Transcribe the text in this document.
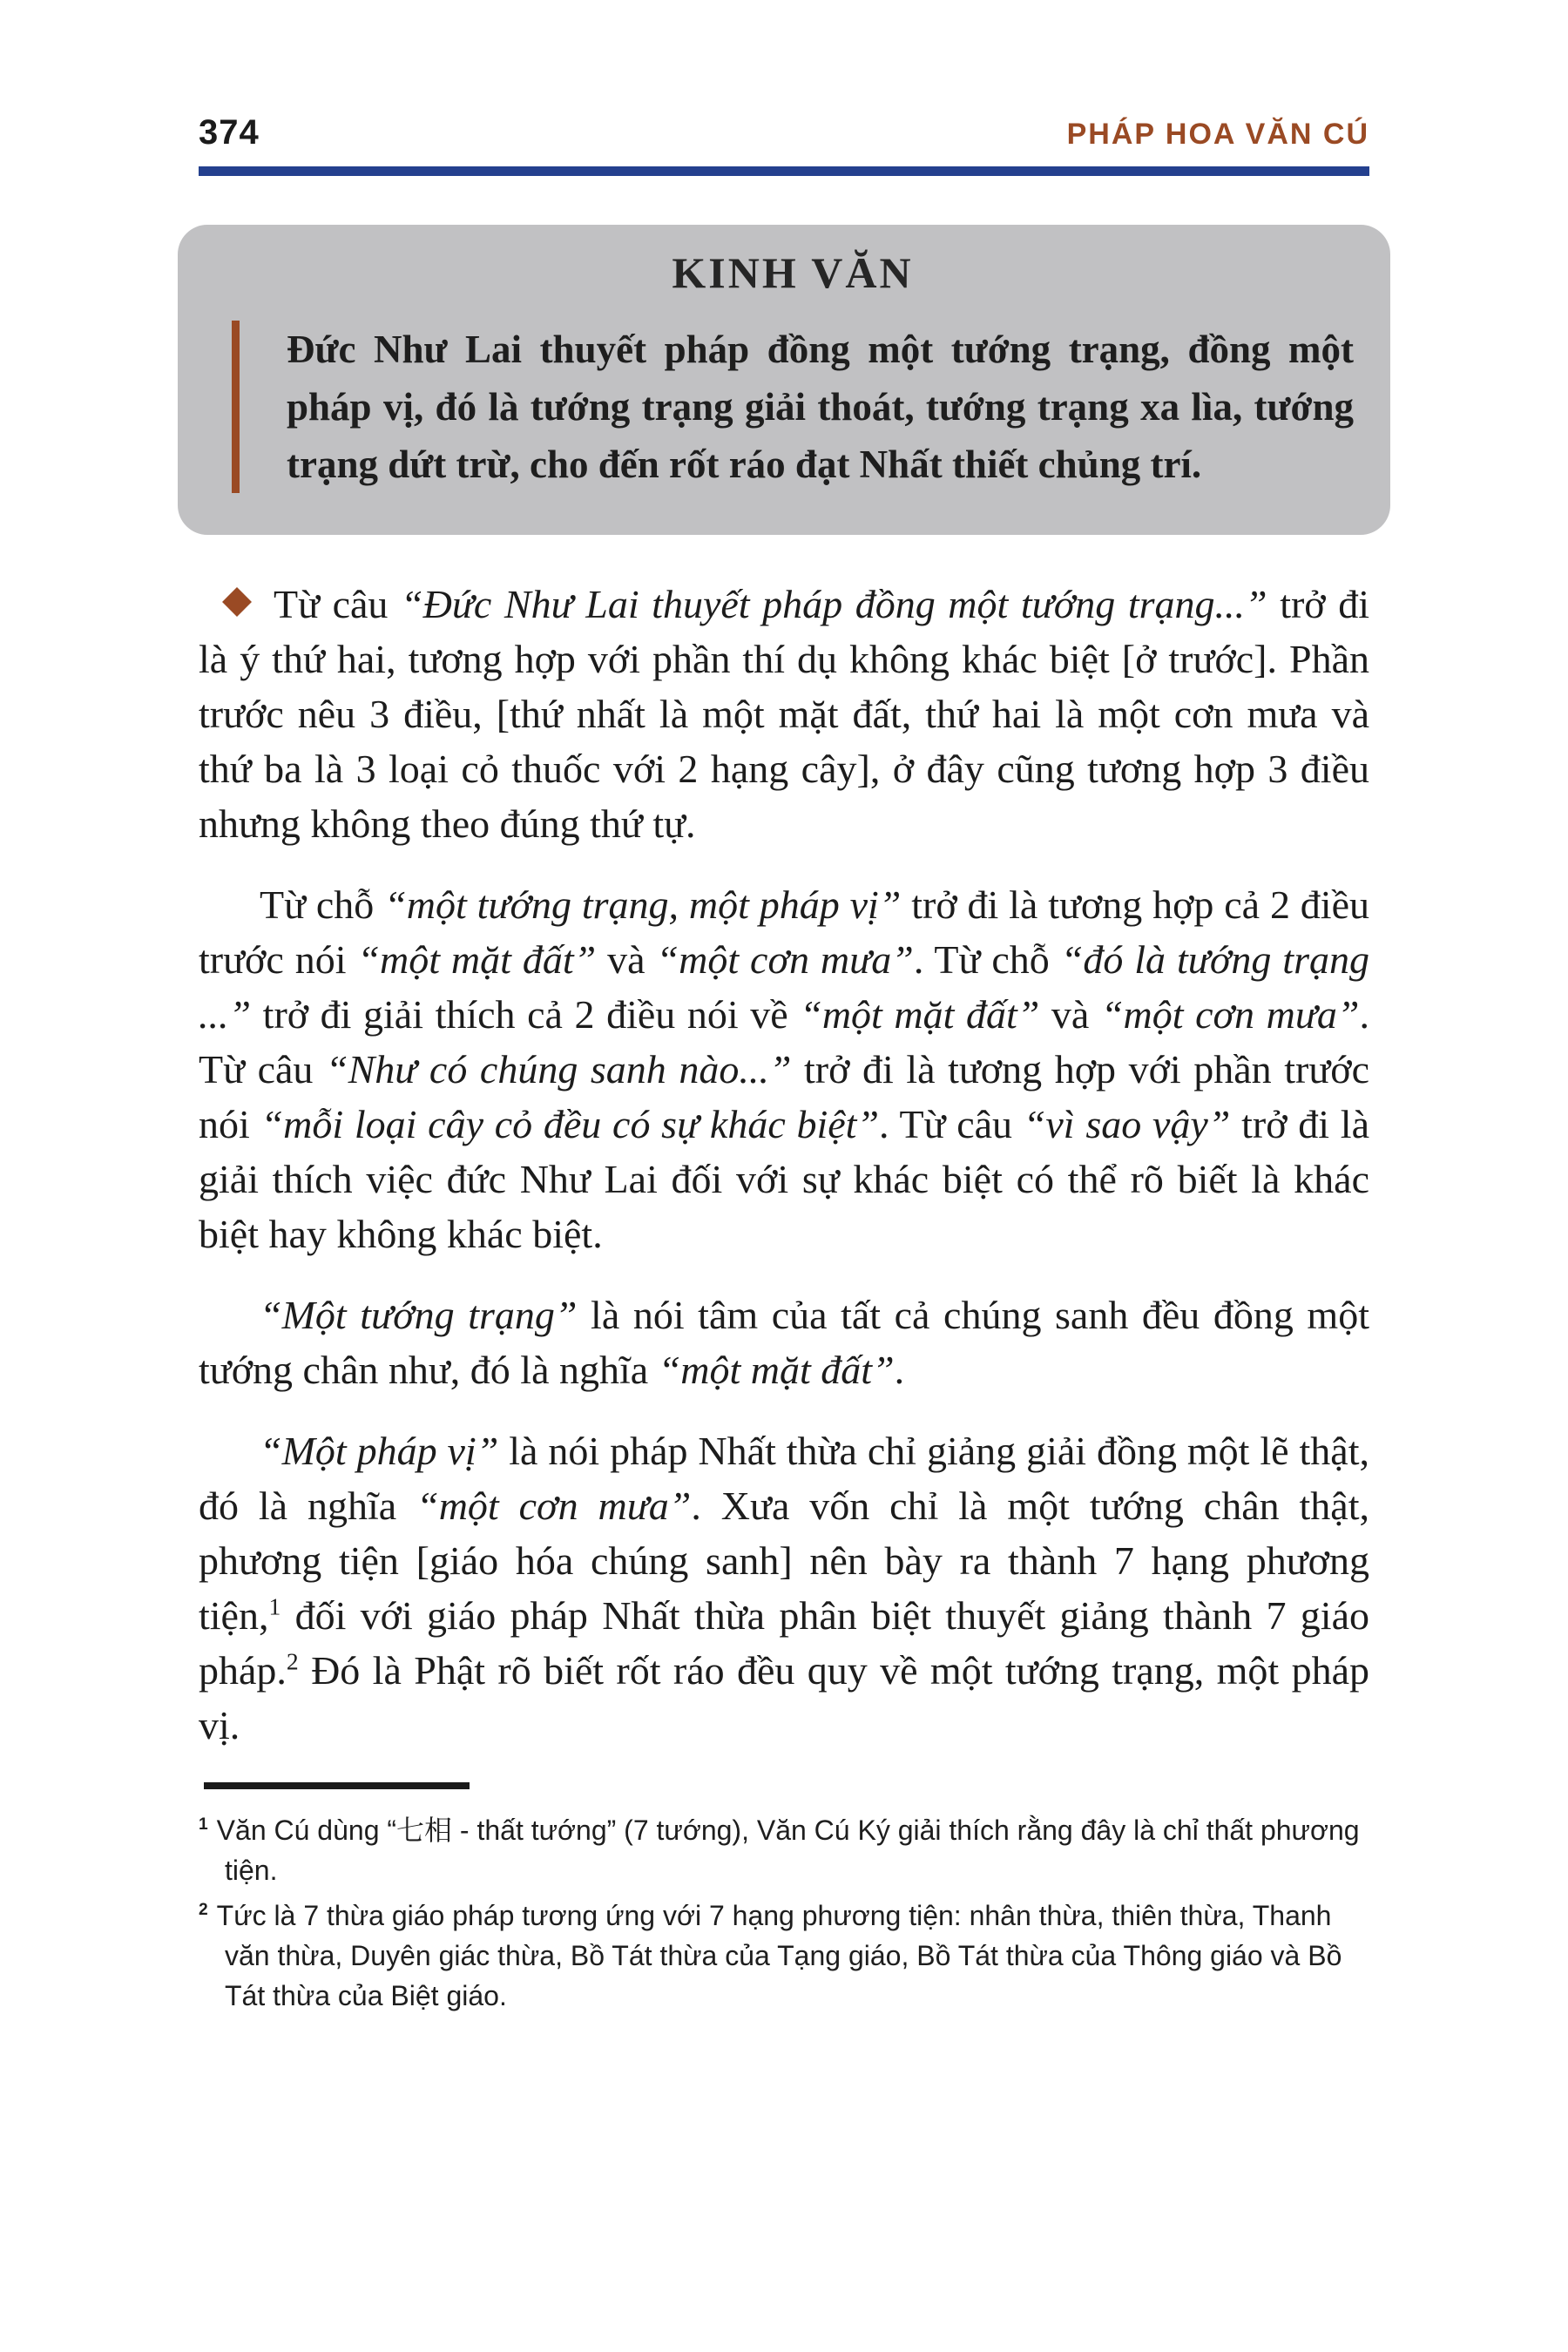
374	PHÁP HOA VĂN CÚ
KINH VĂN
Đức Như Lai thuyết pháp đồng một tướng trạng, đồng một pháp vị, đó là tướng trạng giải thoát, tướng trạng xa lìa, tướng trạng dứt trừ, cho đến rốt ráo đạt Nhất thiết chủng trí.

Từ câu “Đức Như Lai thuyết pháp đồng một tướng trạng...” trở đi là ý thứ hai, tương hợp với phần thí dụ không khác biệt [ở trước]. Phần trước nêu 3 điều, [thứ nhất là một mặt đất, thứ hai là một cơn mưa và thứ ba là 3 loại cỏ thuốc với 2 hạng cây], ở đây cũng tương hợp 3 điều nhưng không theo đúng thứ tự.

Từ chỗ “một tướng trạng, một pháp vị” trở đi là tương hợp cả 2 điều trước nói “một mặt đất” và “một cơn mưa”. Từ chỗ “đó là tướng trạng ...” trở đi giải thích cả 2 điều nói về “một mặt đất” và “một cơn mưa”. Từ câu “Như có chúng sanh nào...” trở đi là tương hợp với phần trước nói “mỗi loại cây cỏ đều có sự khác biệt”. Từ câu “vì sao vậy” trở đi là giải thích việc đức Như Lai đối với sự khác biệt có thể rõ biết là khác biệt hay không khác biệt.

“Một tướng trạng” là nói tâm của tất cả chúng sanh đều đồng một tướng chân như, đó là nghĩa “một mặt đất”.

“Một pháp vị” là nói pháp Nhất thừa chỉ giảng giải đồng một lẽ thật, đó là nghĩa “một cơn mưa”. Xưa vốn chỉ là một tướng chân thật, phương tiện [giáo hóa chúng sanh] nên bày ra thành 7 hạng phương tiện,$^1$ đối với giáo pháp Nhất thừa phân biệt thuyết giảng thành 7 giáo pháp.$^2$ Đó là Phật rõ biết rốt ráo đều quy về một tướng trạng, một pháp vị.

$^1$ Văn Cú dùng “七相 - thất tướng” (7 tướng), Văn Cú Ký giải thích rằng đây là chỉ thất phương tiện.

$^2$ Tức là 7 thừa giáo pháp tương ứng với 7 hạng phương tiện: nhân thừa, thiên thừa, Thanh văn thừa, Duyên giác thừa, Bồ Tát thừa của Tạng giáo, Bồ Tát thừa của Thông giáo và Bồ Tát thừa của Biệt giáo.
